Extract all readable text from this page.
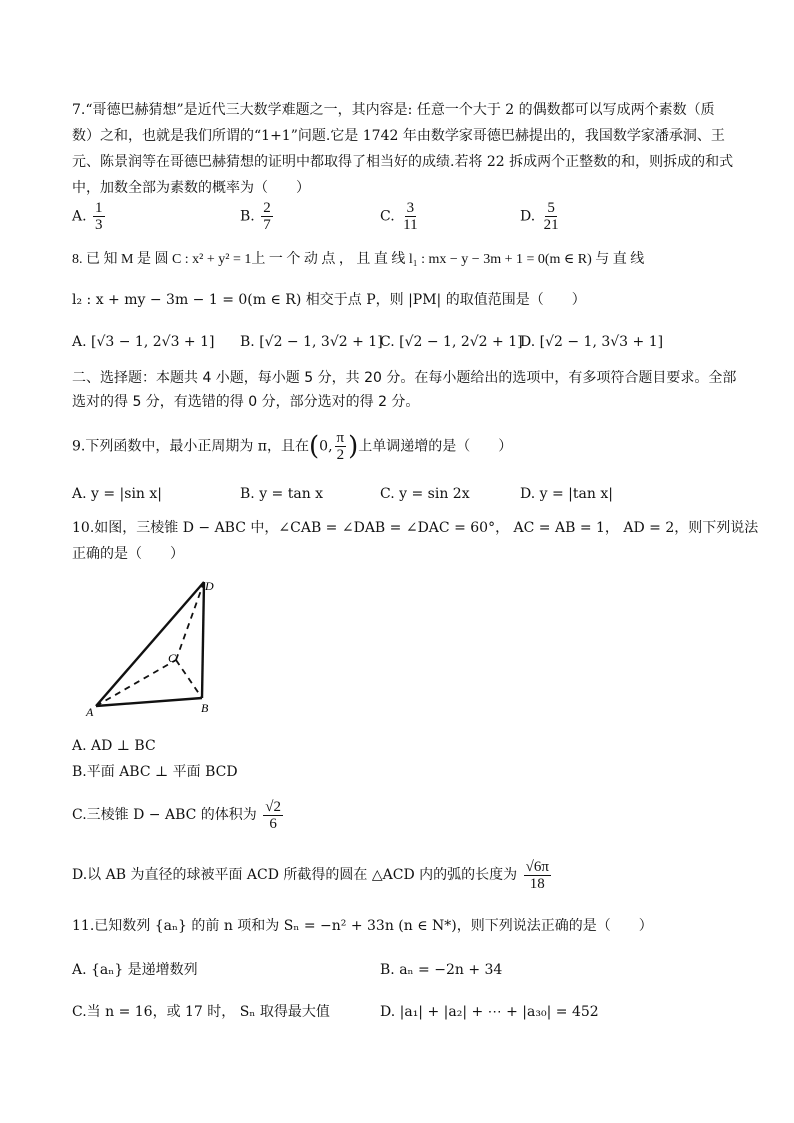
7.“哥德巴赫猜想”是近代三大数学难题之一，其内容是: 任意一个大于 2 的偶数都可以写成两个素数（质
数）之和，也就是我们所谓的“1+1”问题.它是 1742 年由数学家哥德巴赫提出的，我国数学家潘承洞、王
元、陈景润等在哥德巴赫猜想的证明中都取得了相当好的成绩.若将 22 拆成两个正整数的和，则拆成的和式
中，加数全部为素数的概率为（　　）
A. $\frac{1}{3}$	B. $\frac{2}{7}$	C. $\frac{3}{11}$	D. $\frac{5}{21}$
8. 已 知 M 是 圆 C : x² + y² = 1上 一 个 动 点 ， 且 直 线 l₁ : mx − y − 3m + 1 = 0(m ∈ R) 与 直 线
l₂ : x + my − 3m − 1 = 0(m ∈ R) 相交于点 P，则 |PM| 的取值范围是（　　）
A. [√3 − 1, 2√3 + 1] B. [√2 − 1, 3√2 + 1]
C. [√2 − 1, 2√2 + 1]
D. [√2 − 1, 3√3 + 1]
二、选择题：本题共 4 小题，每小题 5 分，共 20 分。在每小题给出的选项中，有多项符合题目要求。全部
选对的得 5 分，有选错的得 0 分，部分选对的得 2 分。
9.下列函数中，最小正周期为 π，且在(0, $\frac{\pi}{2}$ )上单调递增的是（　　）
A. y = |sin x|	B. y = tan x	C. y = sin 2x	D. y = |tan x|
10.如图，三棱锥 D − ABC 中，∠CAB = ∠DAB = ∠DAC = 60°， AC = AB = 1， AD = 2，则下列说法
正确的是（　　）
D
C
A	B
A. AD ⊥ BC
B.平面 ABC ⊥ 平面 BCD
C.三棱锥 D − ABC 的体积为 $\frac{√2}{6}$
D.以 AB 为直径的球被平面 ACD 所截得的圆在 △ACD 内的弧的长度为 $\frac{√6\pi}{18}$
11.已知数列 {aₙ} 的前 n 项和为 Sₙ = −n² + 33n (n ∈ N*)，则下列说法正确的是（　　）
A. {aₙ} 是递增数列	B. aₙ = −2n + 34
C.当 n = 16，或 17 时， Sₙ 取得最大值	D. |a₁| + |a₂| + ⋯ + |a₃₀| = 452
